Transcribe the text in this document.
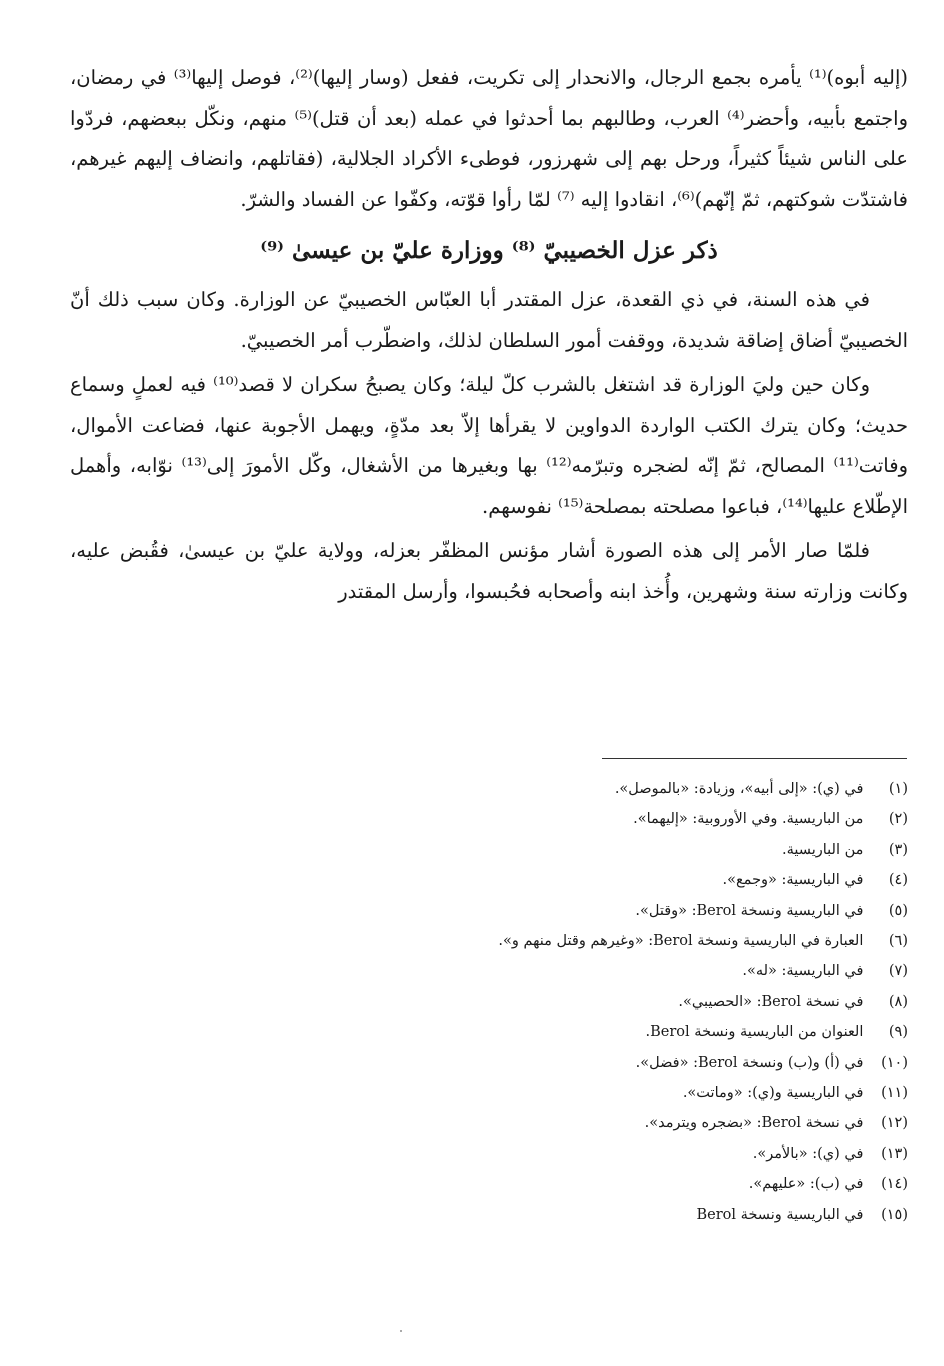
(إليه أبوه)⁽¹⁾ يأمره بجمع الرجال، والانحدار إلى تكريت، ففعل (وسار إليها)⁽²⁾، فوصل إليها⁽³⁾ في رمضان، واجتمع بأبيه، وأحضر⁽⁴⁾ العرب، وطالبهم بما أحدثوا في عمله (بعد أن قتل)⁽⁵⁾ منهم، ونكّل ببعضهم، فردّوا على الناس شيئاً كثيراً، ورحل بهم إلى شهرزور، فوطىء الأكراد الجلالية، (فقاتلهم، وانضاف إليهم غيرهم، فاشتدّت شوكتهم، ثمّ إنّهم)⁽⁶⁾، انقادوا إليه ⁽⁷⁾ لمّا رأوا قوّته، وكفّوا عن الفساد والشرّ.

ذكر عزل الخصيبيّ ⁽⁸⁾ ووزارة عليّ بن عيسىٰ ⁽⁹⁾

في هذه السنة، في ذي القعدة، عزل المقتدر أبا العبّاس الخصيبيّ عن الوزارة. وكان سبب ذلك أنّ الخصيبيّ أضاق إضاقة شديدة، ووقفت أمور السلطان لذلك، واضطّرب أمر الخصيبيّ.

وكان حين وليَ الوزارة قد اشتغل بالشرب كلّ ليلة؛ وكان يصبحُ سكران لا قصد⁽¹⁰⁾ فيه لعملٍ وسماع حديث؛ وكان يترك الكتب الواردة الدواوين لا يقرأها إلاّ بعد مدّةٍ، ويهمل الأجوبة عنها، فضاعت الأموال، وفاتت⁽¹¹⁾ المصالح، ثمّ إنّه لضجره وتبرّمه⁽¹²⁾ بها وبغيرها من الأشغال، وكّل الأمورَ إلى⁽¹³⁾ نوّابه، وأهمل الإطّلاع عليها⁽¹⁴⁾، فباعوا مصلحته بمصلحة⁽¹⁵⁾ نفوسهم.

فلمّا صار الأمر إلى هذه الصورة أشار مؤنس المظفّر بعزله، وولاية عليّ بن عيسىٰ، فقُبض عليه، وكانت وزارته سنة وشهرين، وأُخذ ابنه وأصحابه فحُبسوا، وأرسل المقتدر

(١) في (ي): «إلى أبيه»، وزيادة: «بالموصل».
(٢) من الباريسية. وفي الأوروبية: «إليهما».
(٣) من الباريسية.
(٤) في الباريسية: «وجمع».
(٥) في الباريسية ونسخة Berol: «وقتل».
(٦) العبارة في الباريسية ونسخة Berol: «وغيرهم وقتل منهم و».
(٧) في الباريسية: «له».
(٨) في نسخة Berol: «الحصيبي».
(٩) العنوان من الباريسية ونسخة Berol.
(١٠) في (أ) و(ب) ونسخة Berol: «فضل».
(١١) في الباريسية و(ي): «وماتت».
(١٢) في نسخة Berol: «بضجره ويترمد».
(١٣) في (ي): «بالأمر».
(١٤) في (ب): «عليهم».
(١٥) في الباريسية ونسخة Berol
